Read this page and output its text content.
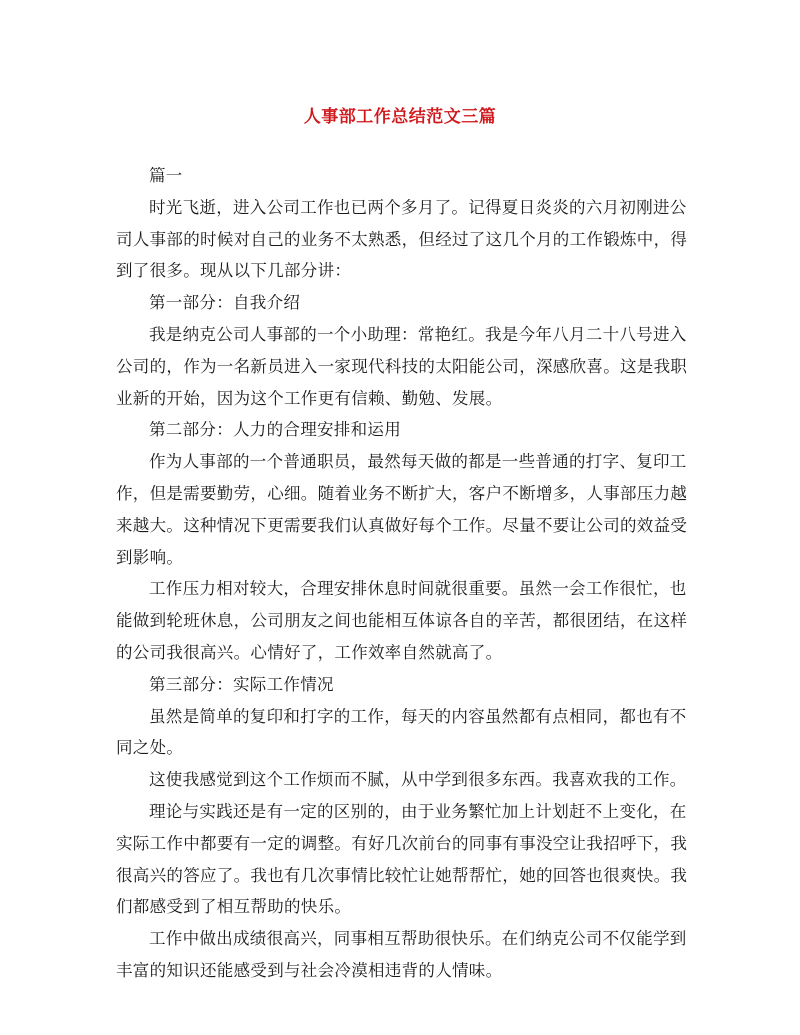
人事部工作总结范文三篇

篇一

时光飞逝，进入公司工作也已两个多月了。记得夏日炎炎的六月初刚进公司人事部的时候对自己的业务不太熟悉，但经过了这几个月的工作锻炼中，得到了很多。现从以下几部分讲：

第一部分：自我介绍

我是纳克公司人事部的一个小助理：常艳红。我是今年八月二十八号进入公司的，作为一名新员进入一家现代科技的太阳能公司，深感欣喜。这是我职业新的开始，因为这个工作更有信赖、勤勉、发展。

第二部分：人力的合理安排和运用

作为人事部的一个普通职员，最然每天做的都是一些普通的打字、复印工作，但是需要勤劳，心细。随着业务不断扩大，客户不断增多，人事部压力越来越大。这种情况下更需要我们认真做好每个工作。尽量不要让公司的效益受到影响。

工作压力相对较大，合理安排休息时间就很重要。虽然一会工作很忙，也能做到轮班休息，公司朋友之间也能相互体谅各自的辛苦，都很团结，在这样的公司我很高兴。心情好了，工作效率自然就高了。

第三部分：实际工作情况

虽然是简单的复印和打字的工作，每天的内容虽然都有点相同，都也有不同之处。

这使我感觉到这个工作烦而不腻，从中学到很多东西。我喜欢我的工作。

理论与实践还是有一定的区别的，由于业务繁忙加上计划赶不上变化，在实际工作中都要有一定的调整。有好几次前台的同事有事没空让我招呼下，我很高兴的答应了。我也有几次事情比较忙让她帮帮忙，她的回答也很爽快。我们都感受到了相互帮助的快乐。

工作中做出成绩很高兴，同事相互帮助很快乐。在们纳克公司不仅能学到丰富的知识还能感受到与社会冷漠相违背的人情味。
